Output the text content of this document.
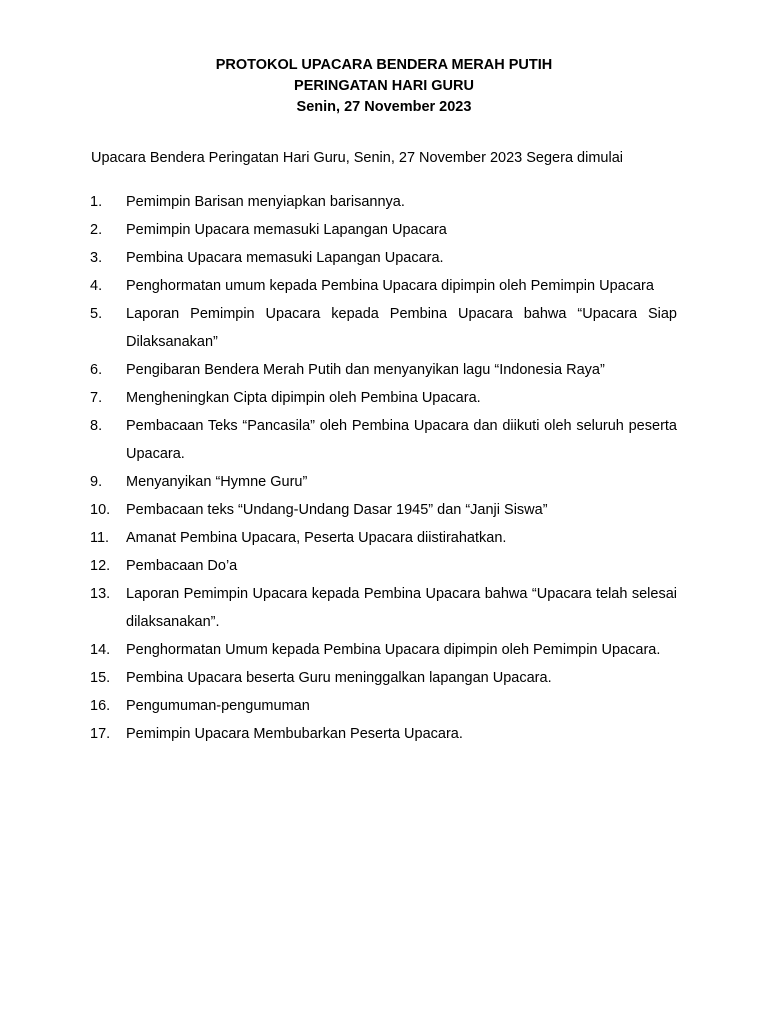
PROTOKOL UPACARA BENDERA MERAH PUTIH

PERINGATAN HARI GURU

Senin, 27 November 2023

Upacara Bendera Peringatan Hari Guru, Senin, 27 November 2023 Segera dimulai

1.	Pemimpin Barisan menyiapkan barisannya.
2.	Pemimpin Upacara memasuki Lapangan Upacara
3.	Pembina Upacara memasuki Lapangan Upacara.
4.	Penghormatan umum kepada Pembina Upacara dipimpin oleh Pemimpin Upacara
5.	Laporan Pemimpin Upacara kepada Pembina Upacara bahwa “Upacara Siap Dilaksanakan”
6.	Pengibaran Bendera Merah Putih dan menyanyikan lagu “Indonesia Raya”
7.	Mengheningkan Cipta dipimpin oleh Pembina Upacara.
8.	Pembacaan Teks “Pancasila” oleh Pembina Upacara dan diikuti oleh seluruh peserta Upacara.
9.	Menyanyikan “Hymne Guru”
10.	Pembacaan teks “Undang-Undang Dasar 1945” dan “Janji Siswa”
11.	Amanat Pembina Upacara, Peserta Upacara diistirahatkan.
12.	Pembacaan Do’a
13.	Laporan Pemimpin Upacara kepada Pembina Upacara bahwa “Upacara telah selesai dilaksanakan”.
14.	Penghormatan Umum kepada Pembina Upacara dipimpin oleh Pemimpin Upacara.
15.	Pembina Upacara beserta Guru meninggalkan lapangan Upacara.
16.	Pengumuman-pengumuman
17.	Pemimpin Upacara Membubarkan Peserta Upacara.
